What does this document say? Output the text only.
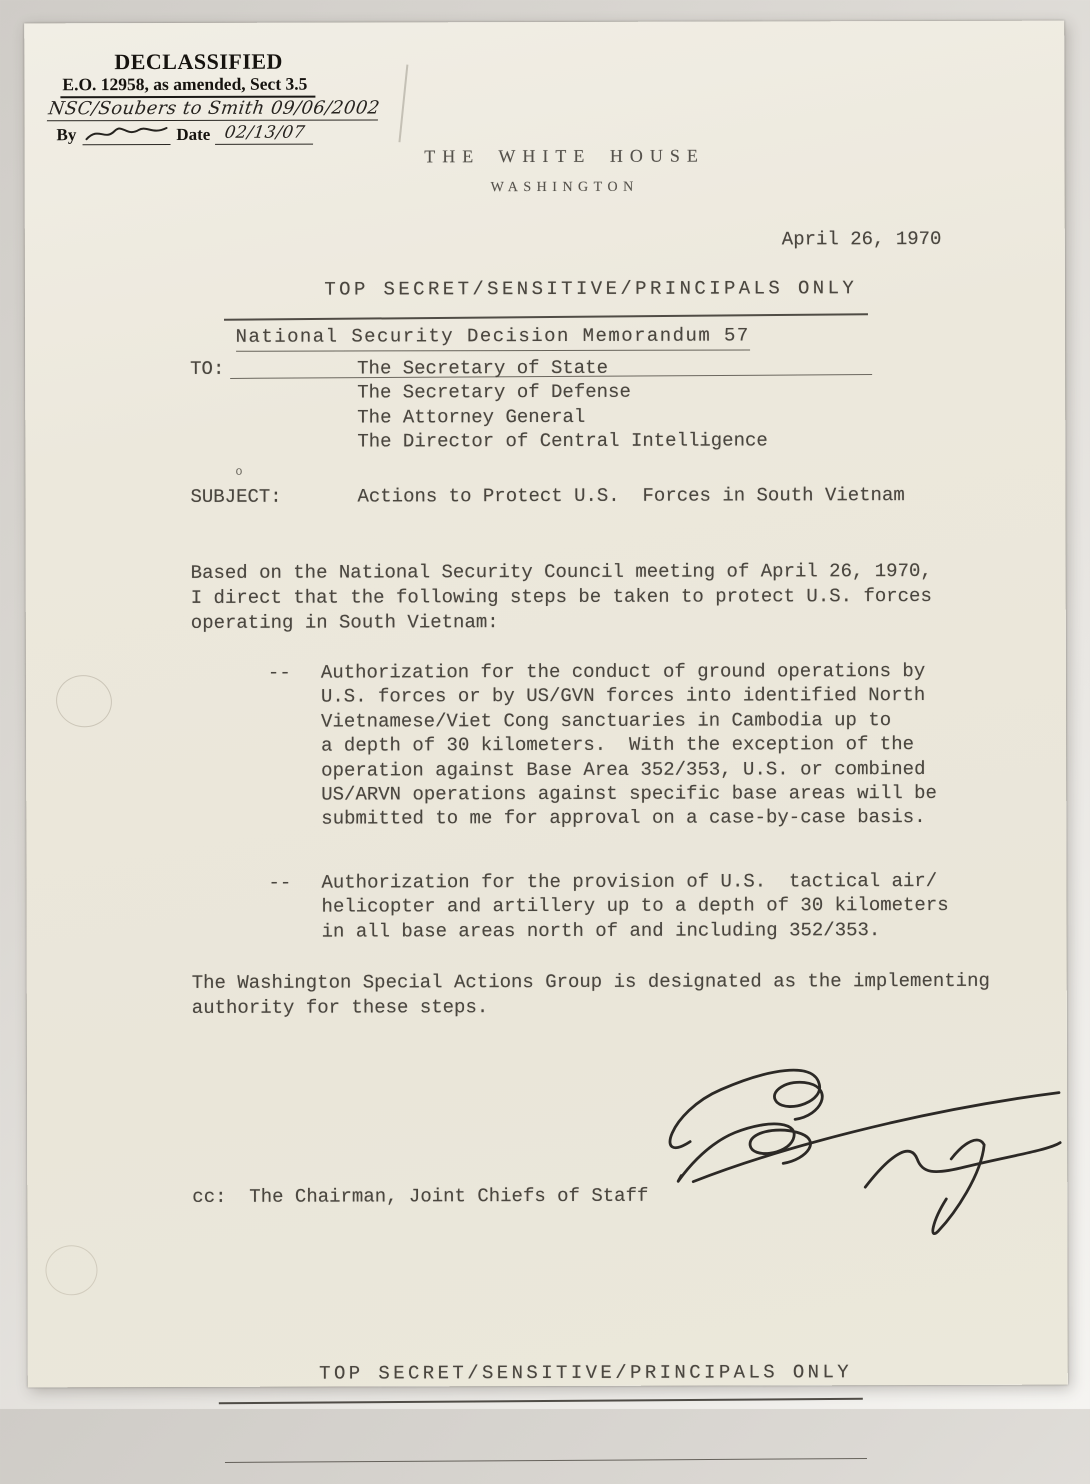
DECLASSIFIED
E.O. 12958, as amended, Sect 3.5
NSC/Soubers to Smith 09/06/2002
By	Date 02/13/07
THE WHITE HOUSE
WASHINGTON

TOP SECRET/SENSITIVE/PRINCIPALS ONLY

April 26, 1970

National Security Decision Memorandum 57

TO:	The Secretary of State
The Secretary of Defense
The Attorney General
The Director of Central Intelligence
o
SUBJECT:	Actions to Protect U.S.  Forces in South Vietnam
Based on the National Security Council meeting of April 26, 1970,
I direct that the following steps be taken to protect U.S. forces
operating in South Vietnam:
-- Authorization for the conduct of ground operations by
U.S. forces or by US/GVN forces into identified North
Vietnamese/Viet Cong sanctuaries in Cambodia up to
a depth of 30 kilometers.  With the exception of the
operation against Base Area 352/353, U.S. or combined
US/ARVN operations against specific base areas will be
submitted to me for approval on a case-by-case basis.
-- Authorization for the provision of U.S.  tactical air/
helicopter and artillery up to a depth of 30 kilometers
in all base areas north of and including 352/353.
The Washington Special Actions Group is designated as the implementing
authority for these steps.
cc:  The Chairman, Joint Chiefs of Staff

TOP SECRET/SENSITIVE/PRINCIPALS ONLY
